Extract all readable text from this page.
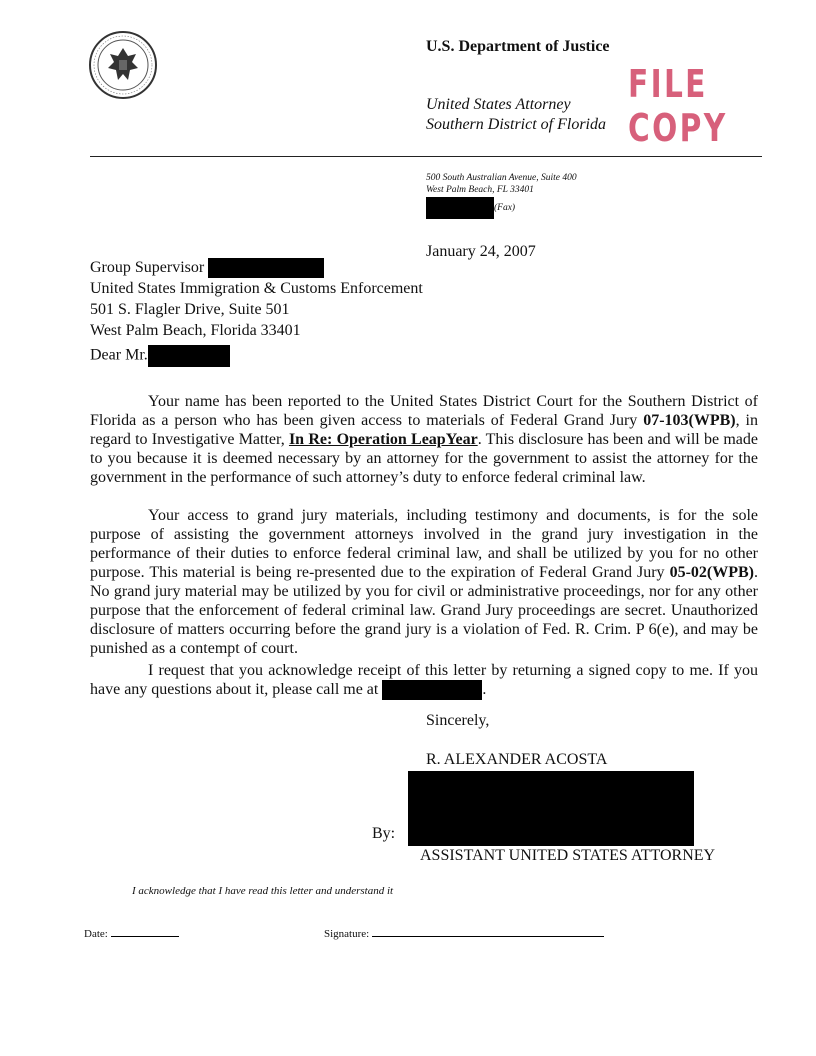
U.S. Department of Justice
United States Attorney
Southern District of Florida
FILE COPY
500 South Australian Avenue, Suite 400
West Palm Beach, FL 33401
(Fax)
January 24, 2007
Group Supervisor
United States Immigration & Customs Enforcement
501 S. Flagler Drive, Suite 501
West Palm Beach, Florida 33401
Dear Mr.

Your name has been reported to the United States District Court for the Southern District of Florida as a person who has been given access to materials of Federal Grand Jury 07-103(WPB), in regard to Investigative Matter, In Re: Operation LeapYear. This disclosure has been and will be made to you because it is deemed necessary by an attorney for the government to assist the attorney for the government in the performance of such attorney’s duty to enforce federal criminal law.

Your access to grand jury materials, including testimony and documents, is for the sole purpose of assisting the government attorneys involved in the grand jury investigation in the performance of their duties to enforce federal criminal law, and shall be utilized by you for no other purpose. This material is being re-presented due to the expiration of Federal Grand Jury 05-02(WPB). No grand jury material may be utilized by you for civil or administrative proceedings, nor for any other purpose that the enforcement of federal criminal law. Grand Jury proceedings are secret. Unauthorized disclosure of matters occurring before the grand jury is a violation of Fed. R. Crim. P 6(e), and may be punished as a contempt of court.

I request that you acknowledge receipt of this letter by returning a signed copy to me. If you have any questions about it, please call me at	.

Sincerely,
R. ALEXANDER ACOSTA
By:
ASSISTANT UNITED STATES ATTORNEY
I acknowledge that I have read this letter and understand it
Date:	Signature:
